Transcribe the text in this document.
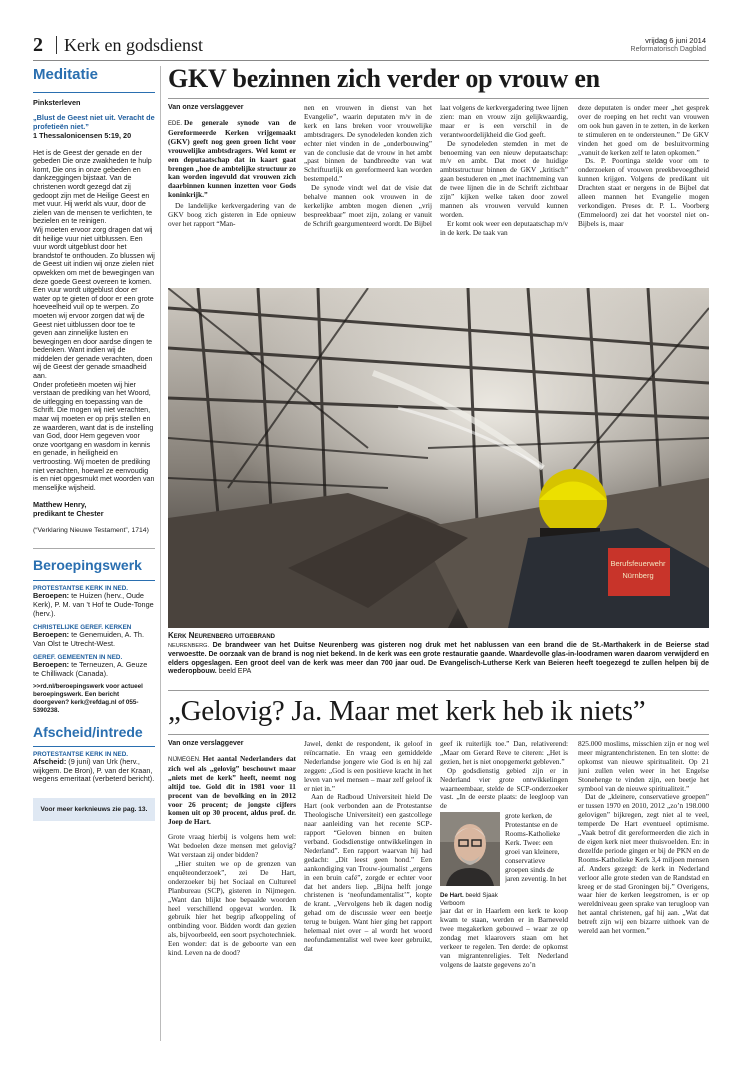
2 Kerk en godsdienst	vrijdag 6 juni 2014
Reformatorisch Dagblad
Meditatie
Pinksterleven
„Blust de Geest niet uit. Veracht de profetieën niet.”
1 Thessalonicensen 5:19, 20

Het is de Geest der genade en der gebeden Die onze zwakheden te hulp komt, Die ons in onze gebeden en dankzeggingen bijstaat. Van de christenen wordt gezegd dat zij gedoopt zijn met de Heilige Geest en met vuur. Hij werkt als vuur, door de zielen van de mensen te verlichten, te bezielen en te reinigen.

Wij moeten ervoor zorg dragen dat wij dit heilige vuur niet uitblussen. Een vuur wordt uitgeblust door het brandstof te onthouden. Zo blussen wij de Geest uit indien wij onze zielen niet opwekken om met de bewegingen van deze goede Geest overeen te komen. Een vuur wordt uitgeblust door er water op te gieten of door er een grote hoeveelheid vuil op te werpen. Zo moeten wij ervoor zorgen dat wij de Geest niet uitblussen door toe te geven aan zinnelijke lusten en bewegingen en door aardse dingen te bedenken. Want indien wij de middelen der genade verachten, doen wij de Geest der genade smaadheid aan.

Onder profetieën moeten wij hier verstaan de prediking van het Woord, de uitlegging en toepassing van de Schrift. Die mogen wij niet verachten, maar wij moeten er op prijs stellen en ze waarderen, want dat is de instelling van God, door Hem gegeven voor onze voortgang en wasdom in kennis en genade, in heiligheid en vertroosting. Wij moeten de prediking niet verachten, hoewel ze eenvoudig is en niet opgesmukt met woorden van menselijke wijsheid.

Matthew Henry,
predikant te Chester
(“Verklaring Nieuwe Testament”, 1714)
Beroepingswerk
PROTESTANTSE KERK IN NED.
Beroepen: te Huizen (herv., Oude Kerk), P. M. van ’t Hof te Oude-Tonge (herv.).
CHRISTELIJKE GEREF. KERKEN
Beroepen: te Genemuiden, A. Th. Van Olst te Utrecht-West.
GEREF. GEMEENTEN IN NED.
Beroepen: te Terneuzen, A. Geuze te Chilliwack (Canada).
>>rd.nl/beroepingswerk voor actueel beroepingswerk. Een bericht doorgeven? kerk@refdag.nl of 055-5390238.
Afscheid/intrede
PROTESTANTSE KERK IN NED.
Afscheid: (9 juni) van Urk (herv., wijkgem. De Bron), P. van der Kraan, wegens emeritaat (verbeterd bericht).
Voor meer kerknieuws zie pag. 13.
GKV bezinnen zich verder op vrouw en
Van onze verslaggever

EDE. De generale synode van de Gereformeerde Kerken vrijgemaakt (GKV) geeft nog geen groen licht voor vrouwelijke ambtsdragers. Wel komt er een deputaatschap dat in kaart gaat brengen „hoe de ambtelijke structuur zo kan worden ingevuld dat vrouwen zich daarbinnen kunnen inzetten voor Gods koninkrijk.”

De landelijke kerkvergadering van de GKV boog zich gisteren in Ede opnieuw over het rapport “Man-

nen en vrouwen in dienst van het Evangelie”, waarin deputaten m/v in de kerk en lans breken voor vrouwelijke ambtsdragers. De synodeleden konden zich echter niet vinden in de „onderbouwing” van de conclusie dat de vrouw in het ambt „past binnen de bandbreedte van wat Schriftuurlijk en gereformeerd kan worden bestempeld.”

De synode vindt wel dat de visie dat behalve mannen ook vrouwen in de kerkelijke ambten mogen dienen „vrij bespreekbaar” moet zijn, zolang er vanuit de Schrift geargumenteerd wordt. De Bijbel

laat volgens de kerkvergadering twee lijnen zien: man en vrouw zijn gelijkwaardig, maar er is een verschil in de verantwoordelijkheid die God geeft.

De synodeleden stemden in met de benoeming van een nieuw deputaatschap: m/v en ambt. Dat moet de huidige ambtsstructuur binnen de GKV „kritisch” gaan bestuderen en „met inachtneming van de twee lijnen die in de Schrift zichtbaar zijn” kijken welke taken door zowel mannen als vrouwen vervuld kunnen worden.

Er komt ook weer een deputaatschap m/v in de kerk. De taak van

deze deputaten is onder meer „het gesprek over de roeping en het recht van vrouwen om ook hun gaven in te zetten, in de kerken te stimuleren en te ondersteunen.” De GKV vinden het goed om de besluitvorming „vanuit de kerken zelf te laten opkomen.”

Ds. P. Poortinga stelde voor om te onderzoeken of vrouwen preekbevoegdheid kunnen krijgen. Volgens de predikant uit Drachten staat er nergens in de Bijbel dat alleen mannen het Evangelie mogen verkondigen. Preses dr. P. L. Voorberg (Emmeloord) zei dat het voorstel niet on-Bijbels is, maar

Berufsfeuerwehr
Nürnberg
Kerk Neurenberg uitgebrand
NEURENBERG. De brandweer van het Duitse Neurenberg was gisteren nog druk met het nablussen van een brand die de St.-Marthakerk in de Beierse stad verwoestte. De oorzaak van de brand is nog niet bekend. In de kerk was een grote restauratie gaande. Waardevolle glas-in-loodramen waren daarom verwijderd en elders opgeslagen. Een groot deel van de kerk was meer dan 700 jaar oud. De Evangelisch-Lutherse Kerk van Beieren heeft toegezegd te zullen helpen bij de wederopbouw. beeld EPA
„Gelovig? Ja. Maar met kerk heb ik niets”
Van onze verslaggever

NIJMEGEN. Het aantal Nederlanders dat zich wel als „gelovig” beschouwt maar „niets met de kerk” heeft, neemt nog altijd toe. Gold dit in 1981 voor 11 procent van de bevolking en in 2012 voor 26 procent; de jongste cijfers komen uit op 30 procent, aldus prof. dr. Joep de Hart.

Grote vraag hierbij is volgens hem wel: Wat bedoelen deze mensen met gelovig? Wat verstaan zij onder bidden?

„Hier stuiten we op de grenzen van enquêteonderzoek”, zei De Hart, onderzoeker bij het Sociaal en Cultureel Planbureau (SCP), gisteren in Nijmegen. „Want dan blijkt hoe bepaalde woorden heel verschillend opgevat worden. Ik gebruik hier het begrip afkoppeling of ontbinding voor. Bidden wordt dan gezien als, bijvoorbeeld, een soort psychotechniek. Een wonder: dat is de geboorte van een kind. Leven na de dood?

Jawel, denkt de respondent, ik geloof in reïncarnatie. En vraag een gemiddelde Nederlandse jongere wie God is en hij zal zeggen: „God is een positieve kracht in het leven van wel mensen – maar zelf geloof ik er niet in.”

Aan de Radboud Universiteit hield De Hart (ook verbonden aan de Protestantse Theologische Universiteit) een gastcollege naar aanleiding van het recente SCP-rapport “Geloven binnen en buiten verband. Godsdienstige ontwikkelingen in Nederland”. Een rapport waarvan hij had gedacht: „Dit leest geen hond.” Een aankondiging van Trouw-journalist „ergens in een bruin café”, zorgde er echter voor dat het anders liep. „Bijna helft jonge christenen is ‘neofundamentalist’”, kopte de krant. „Vervolgens heb ik dagen nodig gehad om de discussie weer een beetje terug te buigen. Want hier ging het rapport helemaal niet over – al wordt het woord neofundamentalist wel twee keer gebruikt, dat

geef ik ruiterlijk toe.” Dan, relativerend: „Maar om Gerard Reve te citeren: „Het is gezien, het is niet onopgemerkt gebleven.”

Op godsdienstig gebied zijn er in Nederland vier grote ontwikkelingen waarneembaar, stelde de SCP-onderzoeker vast. „In de eerste plaats: de leegloop van de

De Hart. beeld Sjaak Verboom

grote kerken, de Protestantse en de Rooms-Katholieke Kerk. Twee: een groei van kleinere, conservatieve groepen sinds de jaren zeventig. In het

jaar dat er in Haarlem een kerk te koop kwam te staan, werden er in Barneveld twee megakerken gebouwd – waar ze op zondag met klaarovers staan om het verkeer te regelen. Ten derde: de opkomst van migrantenreligies. Telt Nederland volgens de laatste gegevens zo’n

825.000 moslims, misschien zijn er nog wel meer migrantenchristenen. En ten slotte: de opkomst van nieuwe spiritualiteit. Op 21 juni zullen velen weer in het Engelse Stonehenge te vinden zijn, een beetje het symbool van de nieuwe spiritualiteit.”

Dat de „kleinere, conservatieve groepen” er tussen 1970 en 2010, 2012 „zo’n 198.000 gelovigen” bijkregen, zegt niet al te veel, temperde De Hart eventueel optimisme. „Vaak betrof dit gereformeerden die zich in de eigen kerk niet meer thuisvoelden. En: in dezelfde periode gingen er bij de PKN en de Rooms-Katholieke Kerk 3,4 miljoen mensen af. Anders gezegd: de kerk in Nederland verloor alle grote steden van de Randstad en kreeg er de stad Groningen bij.” Overigens, waar hier de kerken leegstromen, is er op wereldniveau geen sprake van terugloop van het aantal christenen, gaf hij aan. „Wat dat betreft zijn wij een bizarre uithoek van de wereld aan het vormen.”
